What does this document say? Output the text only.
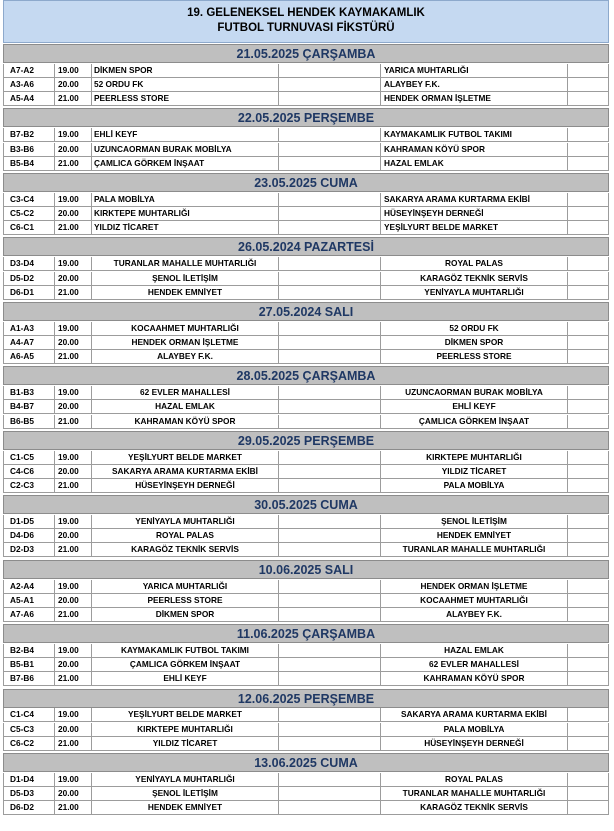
19. GELENEKSEL HENDEK KAYMAKAMLIK
FUTBOL TURNUVASI FİKSTÜRÜ
21.05.2025 ÇARŞAMBA
A7-A2	19.00	DİKMEN SPOR	YARICA MUHTARLIĞI
A3-A6	20.00	52 ORDU FK	ALAYBEY F.K.
A5-A4	21.00	PEERLESS STORE	HENDEK ORMAN İŞLETME
22.05.2025 PERŞEMBE
B7-B2	19.00	EHLİ KEYF	KAYMAKAMLIK FUTBOL TAKIMI
B3-B6	20.00	UZUNCAORMAN BURAK MOBİLYA	KAHRAMAN KÖYÜ SPOR
B5-B4	21.00	ÇAMLICA GÖRKEM İNŞAAT	HAZAL EMLAK
23.05.2025 CUMA
C3-C4	19.00	PALA MOBİLYA	SAKARYA ARAMA KURTARMA EKİBİ
C5-C2	20.00	KIRKTEPE MUHTARLIĞI	HÜSEYİNŞEYH DERNEĞİ
C6-C1	21.00	YILDIZ TİCARET	YEŞİLYURT BELDE MARKET
26.05.2024 PAZARTESİ
D3-D4	19.00	TURANLAR MAHALLE MUHTARLIĞI	ROYAL PALAS
D5-D2	20.00	ŞENOL İLETİŞİM	KARAGÖZ TEKNİK SERVİS
D6-D1	21.00	HENDEK EMNİYET	YENİYAYLA MUHTARLIĞI
27.05.2024 SALI
A1-A3	19.00	KOCAAHMET MUHTARLIĞI	52 ORDU FK
A4-A7	20.00	HENDEK ORMAN İŞLETME	DİKMEN SPOR
A6-A5	21.00	ALAYBEY F.K.	PEERLESS STORE
28.05.2025 ÇARŞAMBA
B1-B3	19.00	62 EVLER MAHALLESİ	UZUNCAORMAN BURAK MOBİLYA
B4-B7	20.00	HAZAL EMLAK	EHLİ KEYF
B6-B5	21.00	KAHRAMAN KÖYÜ SPOR	ÇAMLICA GÖRKEM İNŞAAT
29.05.2025 PERŞEMBE
C1-C5	19.00	YEŞİLYURT BELDE MARKET	KIRKTEPE MUHTARLIĞI
C4-C6	20.00	SAKARYA ARAMA KURTARMA EKİBİ	YILDIZ TİCARET
C2-C3	21.00	HÜSEYİNŞEYH DERNEĞİ	PALA MOBİLYA
30.05.2025 CUMA
D1-D5	19.00	YENİYAYLA MUHTARLIĞI	ŞENOL İLETİŞİM
D4-D6	20.00	ROYAL PALAS	HENDEK EMNİYET
D2-D3	21.00	KARAGÖZ TEKNİK SERVİS	TURANLAR MAHALLE MUHTARLIĞI
10.06.2025 SALI
A2-A4	19.00	YARICA MUHTARLIĞI	HENDEK ORMAN İŞLETME
A5-A1	20.00	PEERLESS STORE	KOCAAHMET MUHTARLIĞI
A7-A6	21.00	DİKMEN SPOR	ALAYBEY F.K.
11.06.2025 ÇARŞAMBA
B2-B4	19.00	KAYMAKAMLIK FUTBOL TAKIMI	HAZAL EMLAK
B5-B1	20.00	ÇAMLICA GÖRKEM İNŞAAT	62 EVLER MAHALLESİ
B7-B6	21.00	EHLİ KEYF	KAHRAMAN KÖYÜ SPOR
12.06.2025 PERŞEMBE
C1-C4	19.00	YEŞİLYURT BELDE MARKET	SAKARYA ARAMA KURTARMA EKİBİ
C5-C3	20.00	KIRKTEPE MUHTARLIĞI	PALA MOBİLYA
C6-C2	21.00	YILDIZ TİCARET	HÜSEYİNŞEYH DERNEĞİ
13.06.2025 CUMA
D1-D4	19.00	YENİYAYLA MUHTARLIĞI	ROYAL PALAS
D5-D3	20.00	ŞENOL İLETİŞİM	TURANLAR MAHALLE MUHTARLIĞI
D6-D2	21.00	HENDEK EMNİYET	KARAGÖZ TEKNİK SERVİS
